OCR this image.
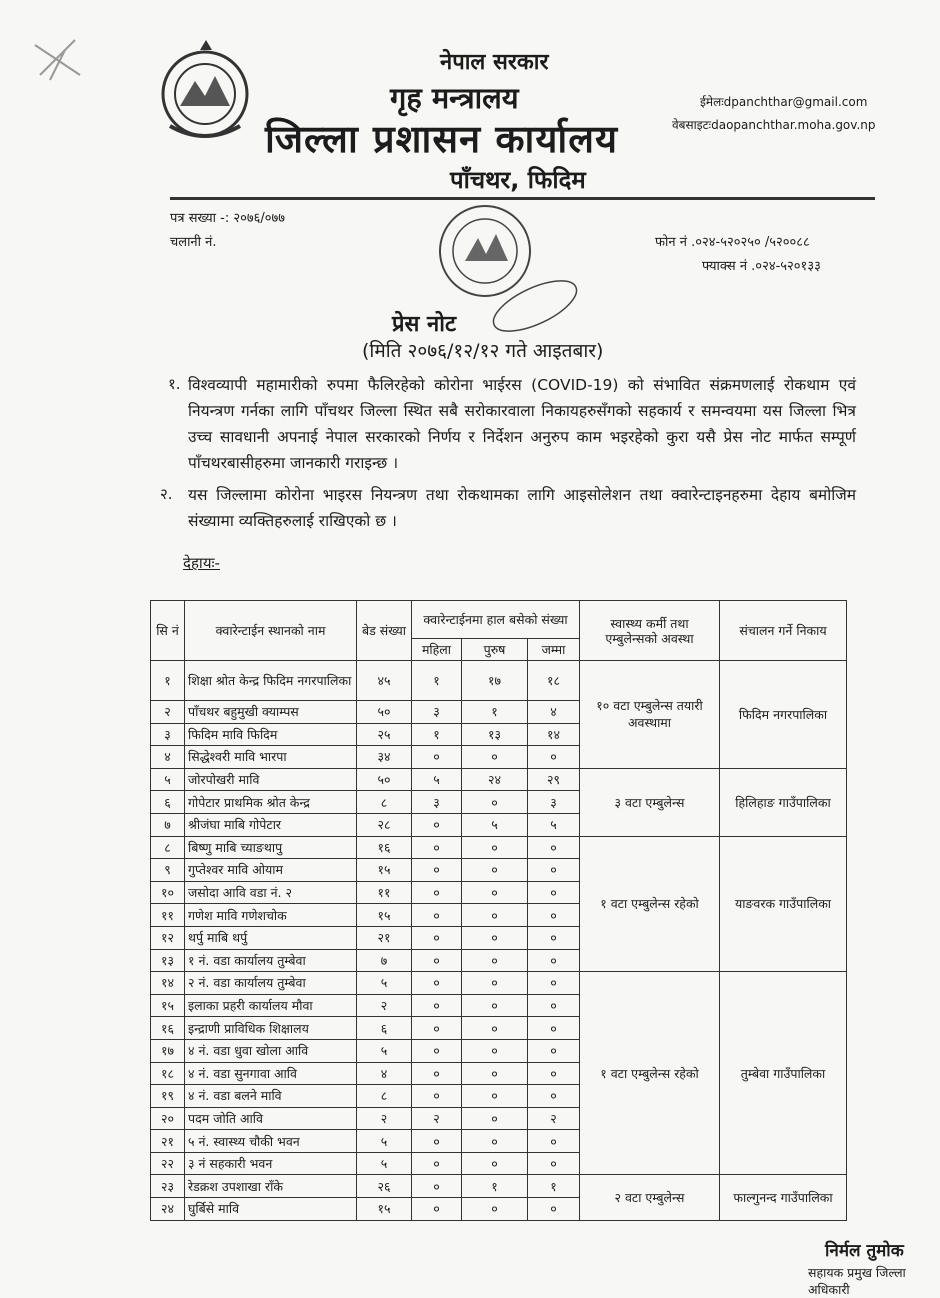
नेपाल सरकार
गृह मन्त्रालय
जिल्ला प्रशासन कार्यालय
पाँचथर, फिदिम
ईमेलःdpanchthar@gmail.com
वेबसाइटःdaopanchthar.moha.gov.np
पत्र सख्या -: २०७६/०७७
चलानी नं.	फोन नं .०२४-५२०२५० /५२००८८
फ्याक्स नं .०२४-५२०१३३
प्रेस नोट
(मिति २०७६/१२/१२ गते आइतबार)
१. विश्वव्यापी महामारीको रुपमा फैलिरहेको कोरोना भाईरस (COVID-19) को संभावित संक्रमणलाई रोकथाम एवं नियन्त्रण गर्नका लागि पाँचथर जिल्ला स्थित सबै सरोकारवाला निकायहरुसँगको सहकार्य र समन्वयमा यस जिल्ला भित्र उच्च सावधानी अपनाई नेपाल सरकारको निर्णय र निर्देशन अनुरुप काम भइरहेको कुरा यसै प्रेस नोट मार्फत सम्पूर्ण पाँचथरबासीहरुमा जानकारी गराइन्छ ।
२. यस जिल्लामा कोरोना भाइरस नियन्त्रण तथा रोकथामका लागि आइसोलेशन तथा क्वारेन्टाइनहरुमा देहाय बमोजिम संख्यामा व्यक्तिहरुलाई राखिएको छ ।
देहायः-
सि नं	क्वारेन्टाईन स्थानको नाम	बेड संख्या	क्वारेन्टाईनमा हाल बसेको संख्या			स्वास्थ्य कर्मी तथा एम्बुलेन्सको अवस्था	संचालन गर्ने निकाय
			महिला	पुरुष	जम्मा		
१	शिक्षा श्रोत केन्द्र फिदिम नगरपालिका	४५	१	१७	१८	१० वटा एम्बुलेन्स तयारी अवस्थामा	फिदिम नगरपालिका
२	पाँचथर बहुमुखी क्याम्पस	५०	३	१	४		
३	फिदिम मावि फिदिम	२५	१	१३	१४		
४	सिद्धेश्वरी मावि भारपा	३४	०	०	०		
५	जोरपोखरी मावि	५०	५	२४	२९	३ वटा एम्बुलेन्स	हिलिहाङ गाउँपालिका
६	गोपेटार प्राथमिक श्रोत केन्द्र	८	३	०	३		
७	श्रीजंघा माबि गोपेटार	२८	०	५	५		
८	बिष्णु माबि च्याङथापु	१६	०	०	०	१ वटा एम्बुलेन्स रहेको	याङवरक गाउँपालिका
९	गुप्तेश्वर मावि ओयाम	१५	०	०	०		
१०	जसोदा आवि वडा नं. २	११	०	०	०		
११	गणेश मावि गणेशचोक	१५	०	०	०		
१२	थर्पु माबि थर्पु	२१	०	०	०		
१३	१ नं. वडा कार्यालय तुम्बेवा	७	०	०	०		
१४	२ नं. वडा कार्यालय तुम्बेवा	५	०	०	०	१ वटा एम्बुलेन्स रहेको	तुम्बेवा गाउँपालिका
१५	इलाका प्रहरी कार्यालय मौवा	२	०	०	०		
१६	इन्द्राणी प्राविधिक शिक्षालय	६	०	०	०		
१७	४ नं. वडा धुवा खोला आवि	५	०	०	०		
१८	४ नं. वडा सुनगावा आवि	४	०	०	०		
१९	४ नं. वडा बलने मावि	८	०	०	०		
२०	पदम जोति आवि	२	२	०	२		
२१	५ नं. स्वास्थ्य चौकी भवन	५	०	०	०		
२२	३ नं सहकारी भवन	५	०	०	०		
२३	रेडक्रश उपशाखा राँके	२६	०	१	१	२ वटा एम्बुलेन्स	फाल्गुनन्द गाउँपालिका
२४	घुर्बिसे मावि	१५	०	०	०		
निर्मल तुमोक
सहायक प्रमुख जिल्ला अधिकारी
